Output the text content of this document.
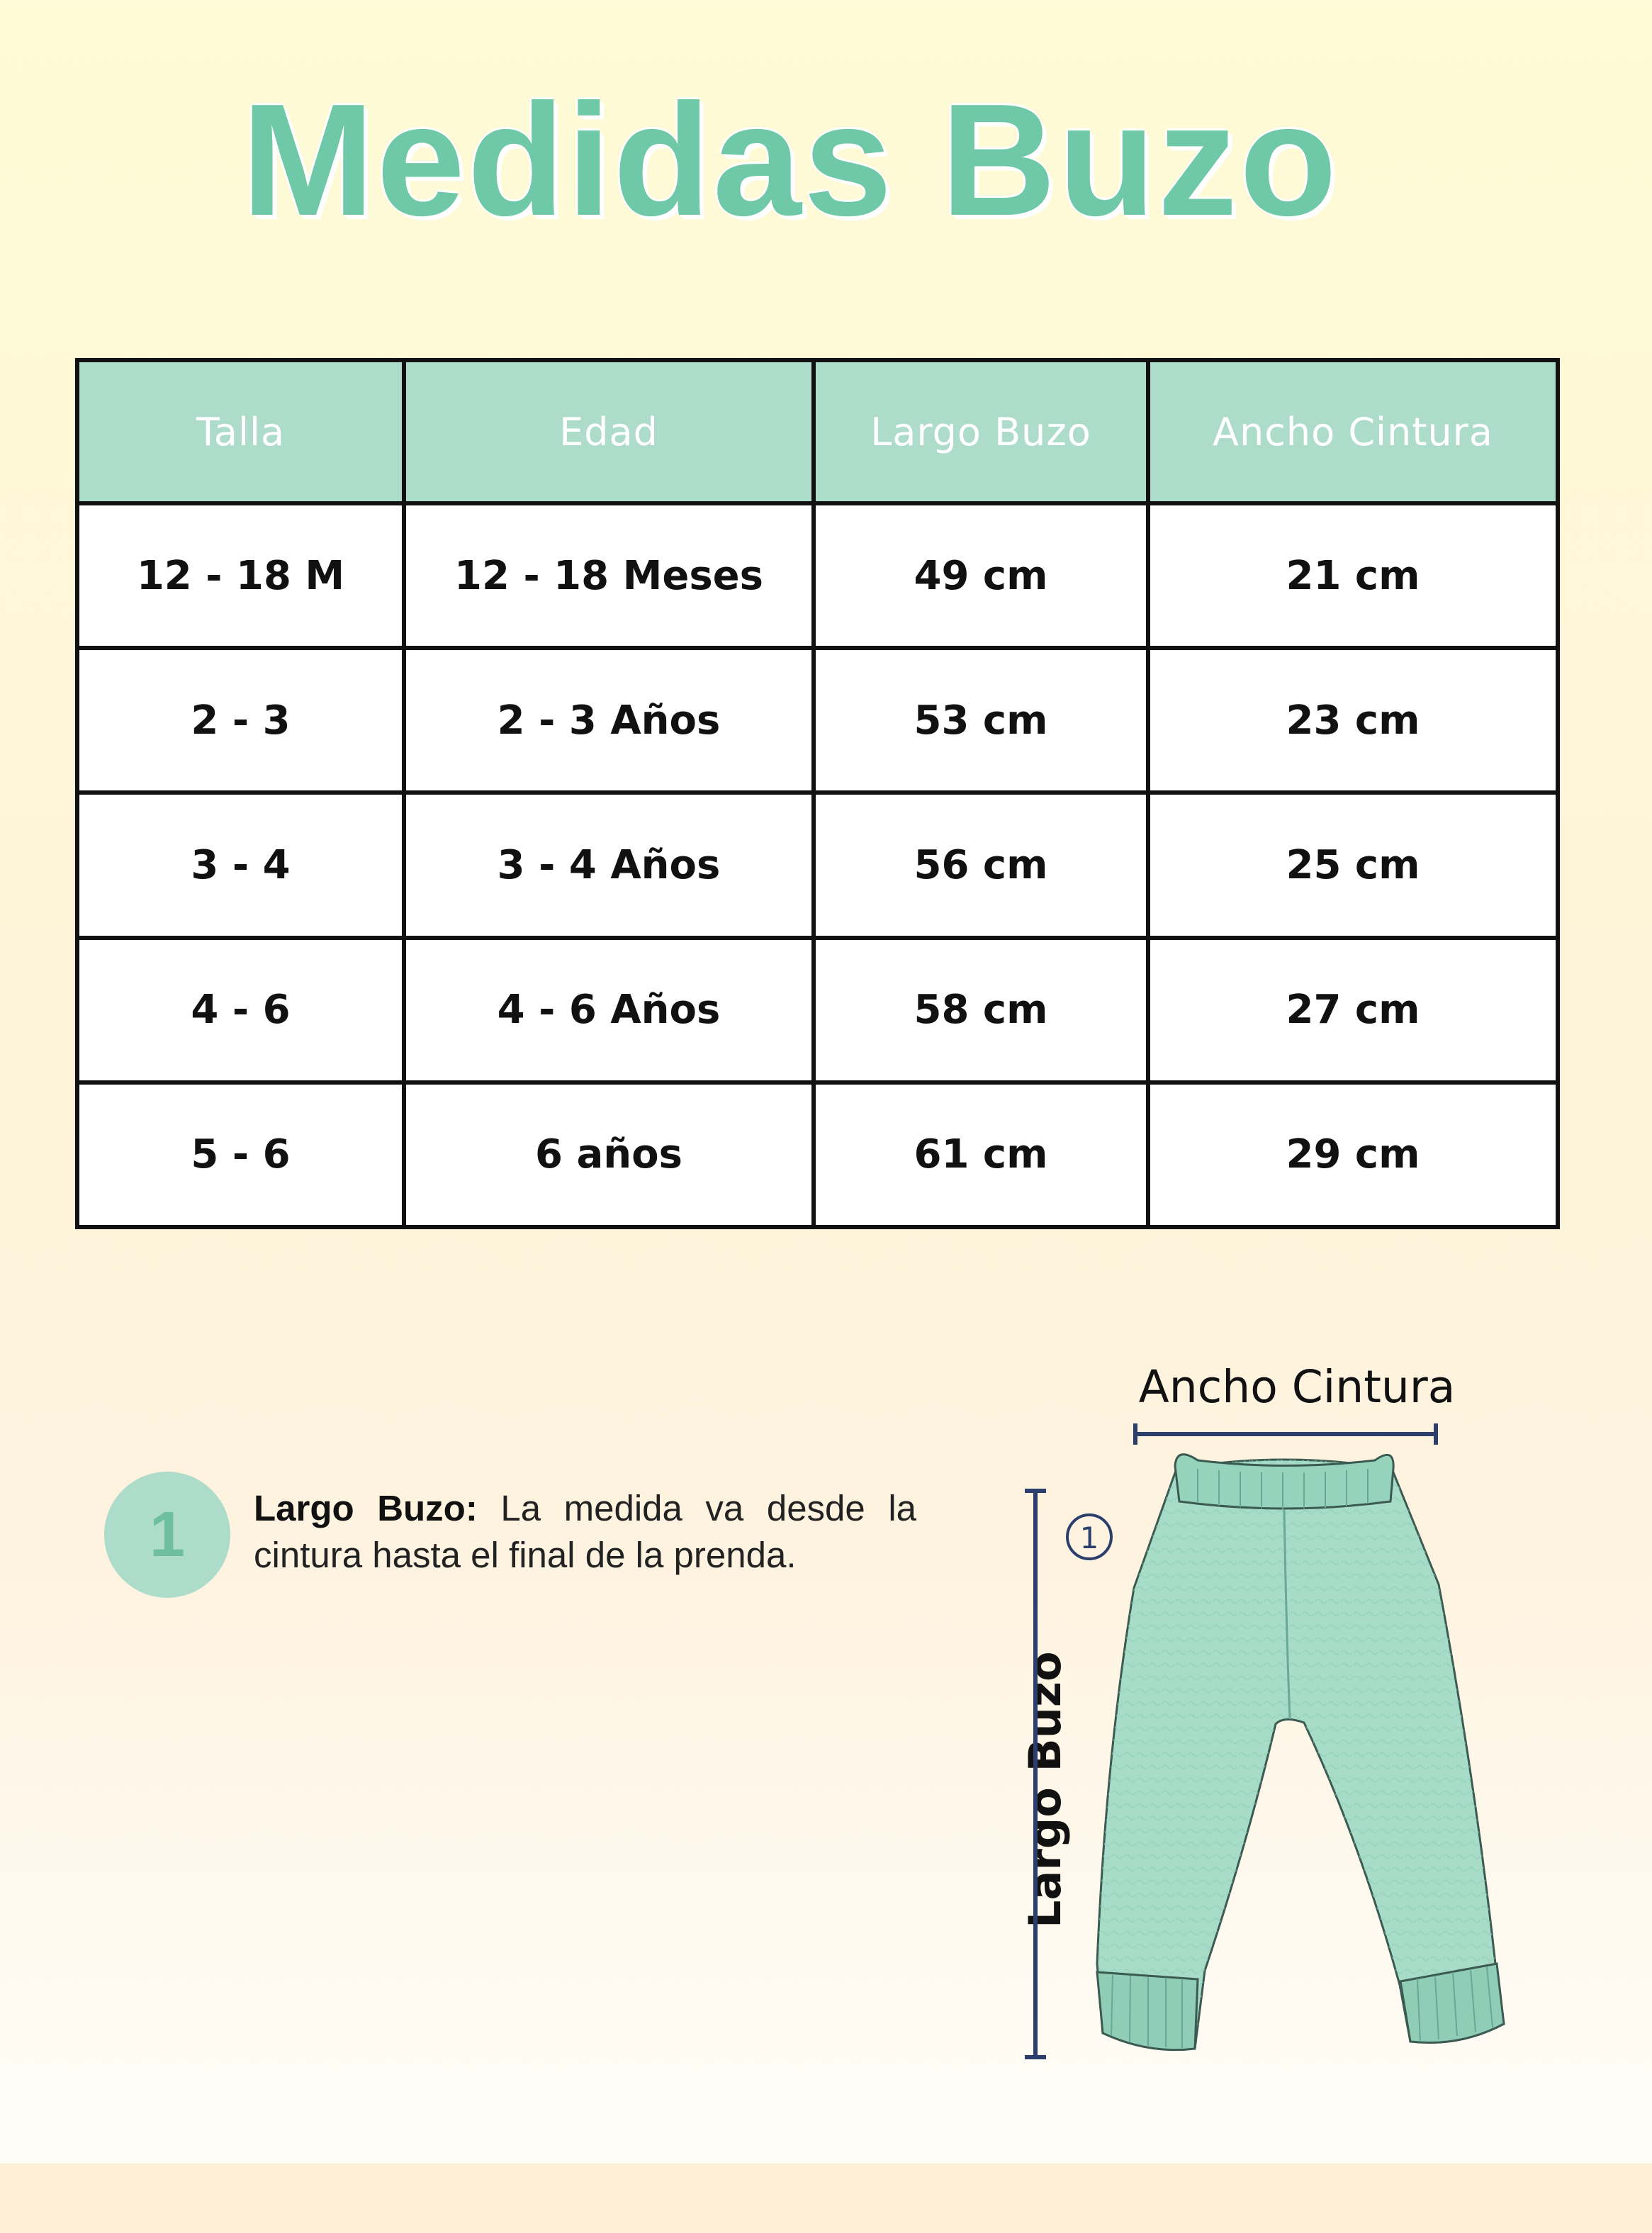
Medidas Buzo
Talla	Edad	Largo Buzo	Ancho Cintura
12 - 18 M	12 - 18 Meses	49 cm	21 cm
2 - 3	2 - 3 Años	53 cm	23 cm
3 - 4	3 - 4 Años	56 cm	25 cm
4 - 6	4 - 6 Años	58 cm	27 cm
5 - 6	6 años	61 cm	29 cm
1	Largo Buzo: La medida va desde la cintura hasta el final de la prenda.
Ancho Cintura
Largo Buzo
1
